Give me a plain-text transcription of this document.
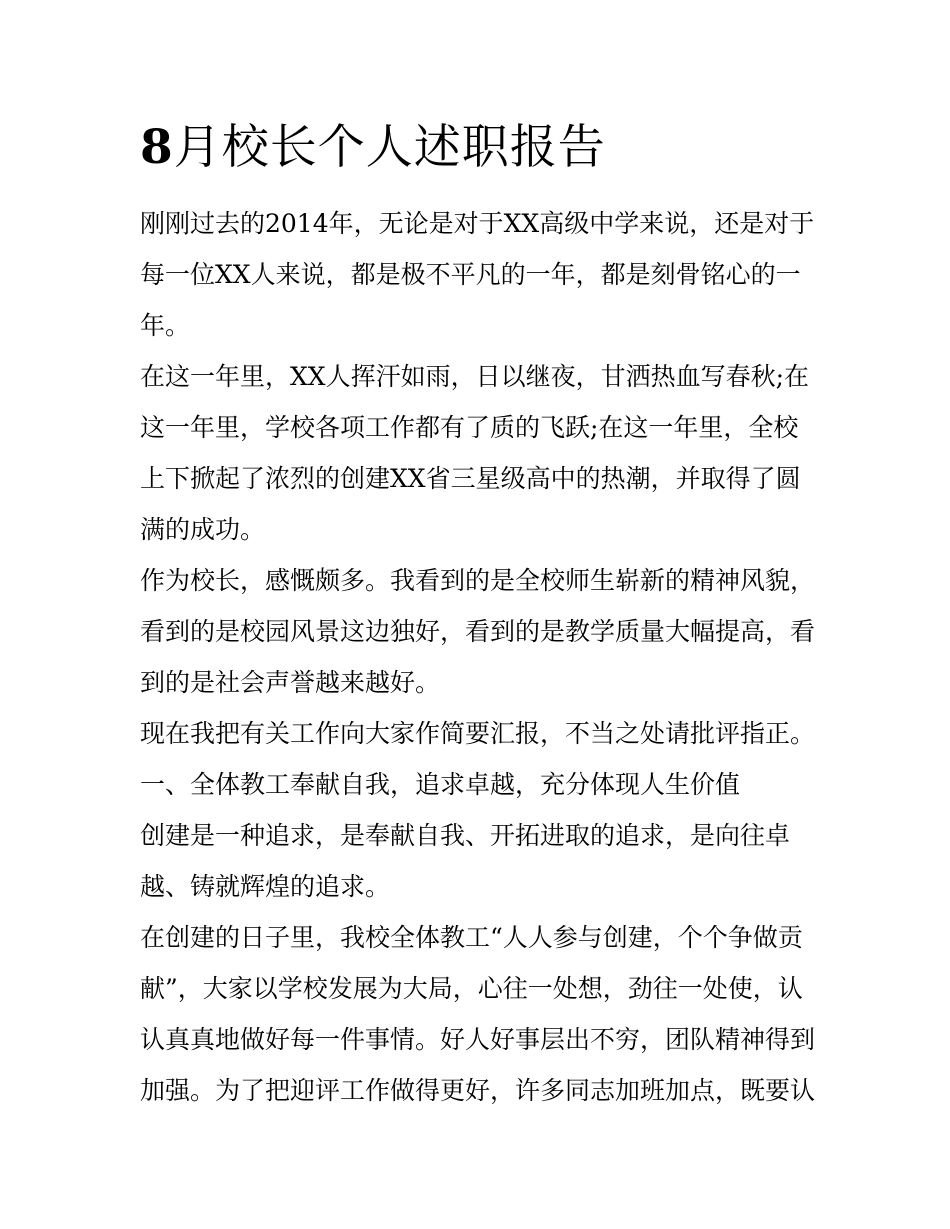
8月校长个人述职报告

刚刚过去的2014年，无论是对于XX高级中学来说，还是对于每一位XX人来说，都是极不平凡的一年，都是刻骨铭心的一年。

在这一年里，XX人挥汗如雨，日以继夜，甘洒热血写春秋;在这一年里，学校各项工作都有了质的飞跃;在这一年里，全校上下掀起了浓烈的创建XX省三星级高中的热潮，并取得了圆满的成功。

作为校长，感慨颇多。我看到的是全校师生崭新的精神风貌，看到的是校园风景这边独好，看到的是教学质量大幅提高，看到的是社会声誉越来越好。

现在我把有关工作向大家作简要汇报，不当之处请批评指正。

一、全体教工奉献自我，追求卓越，充分体现人生价值

创建是一种追求，是奉献自我、开拓进取的追求，是向往卓越、铸就辉煌的追求。

在创建的日子里，我校全体教工“人人参与创建，个个争做贡献”，大家以学校发展为大局，心往一处想，劲往一处使，认认真真地做好每一件事情。好人好事层出不穷，团队精神得到加强。为了把迎评工作做得更好，许多同志加班加点，既要认
